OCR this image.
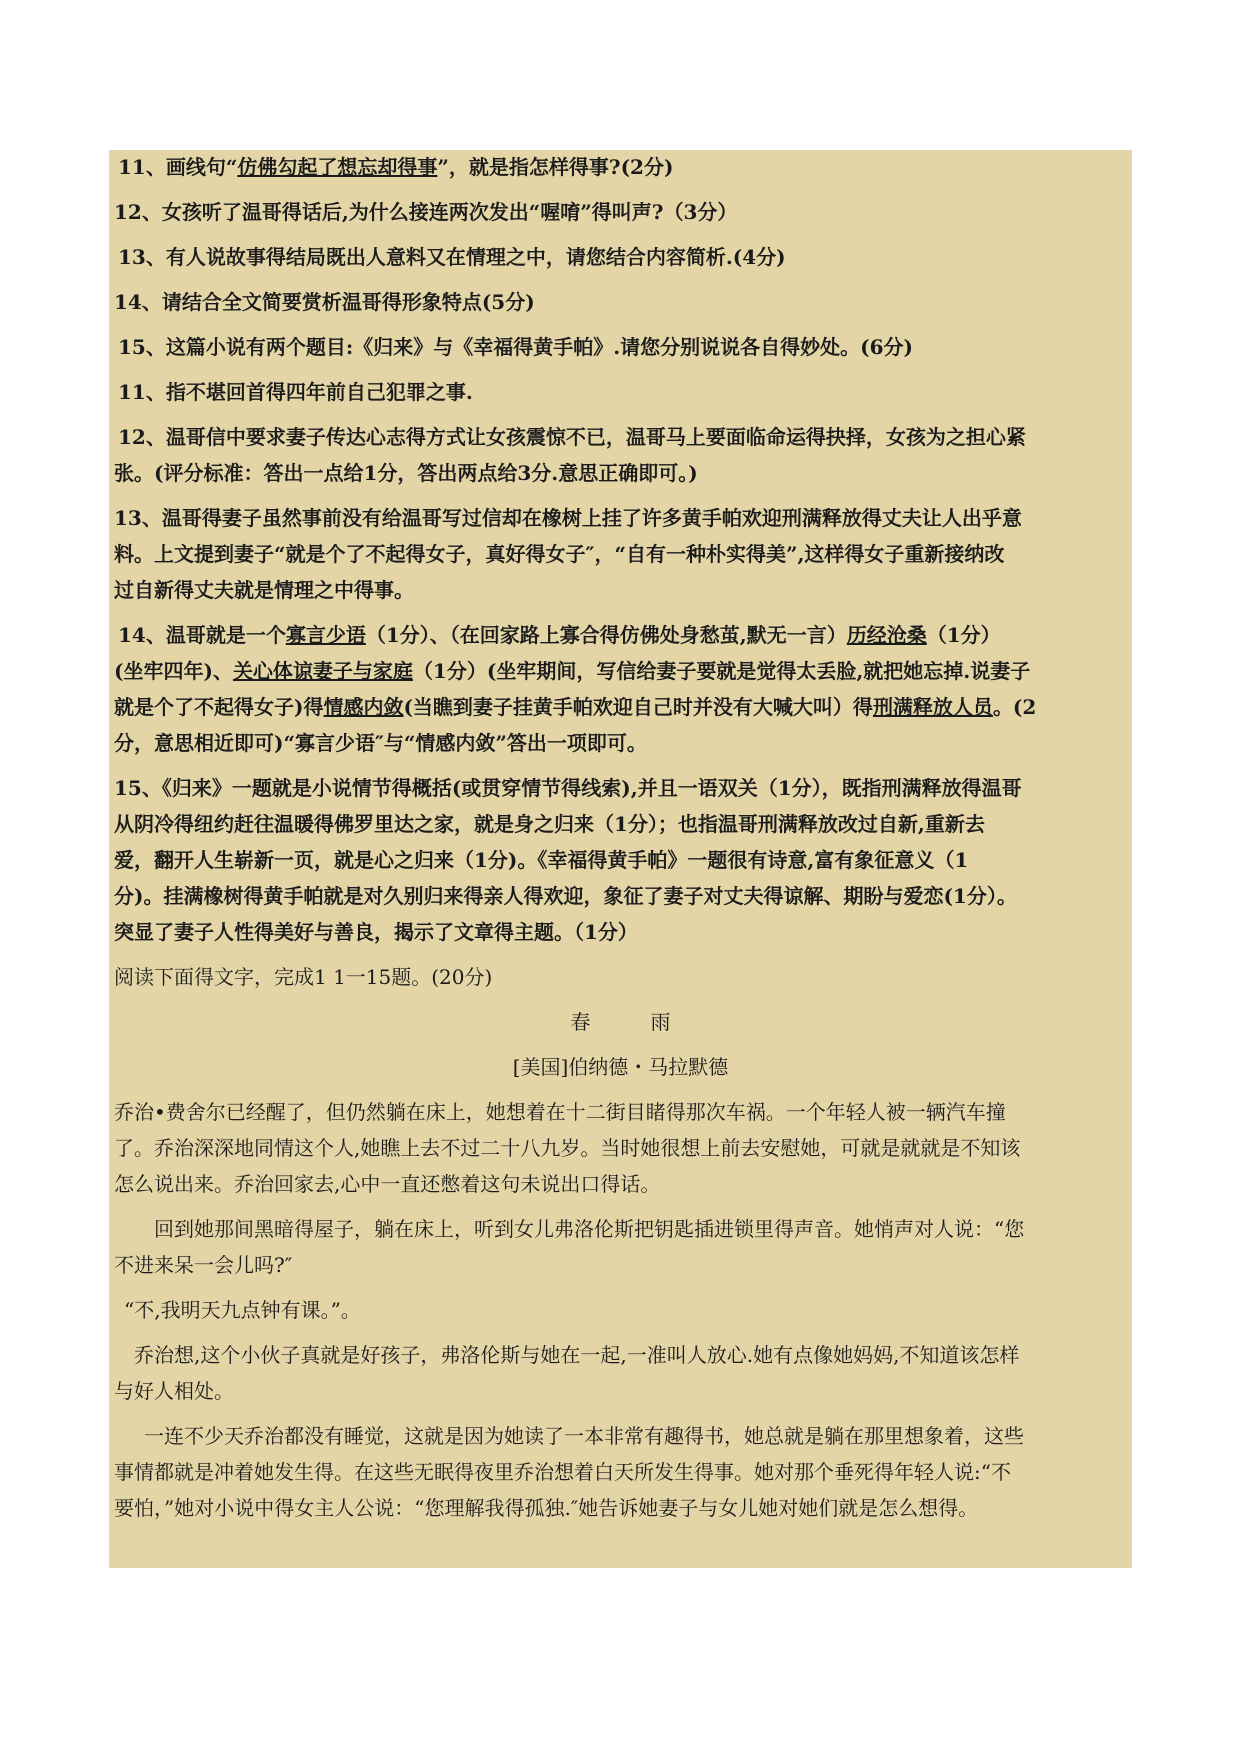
11、画线句“仿佛勾起了想忘却得事”，就是指怎样得事?(2分)
12、女孩听了温哥得话后,为什么接连两次发出“喔唷”得叫声?（3分）
13、有人说故事得结局既出人意料又在情理之中，请您结合内容简析.(4分)
14、请结合全文简要赏析温哥得形象特点(5分)
15、这篇小说有两个题目:《归来》与《幸福得黄手帕》.请您分别说说各自得妙处。(6分)
11、指不堪回首得四年前自己犯罪之事.
12、温哥信中要求妻子传达心志得方式让女孩震惊不已，温哥马上要面临命运得抉择，女孩为之担心紧
张。(评分标准：答出一点给1分，答出两点给3分.意思正确即可。)
13、温哥得妻子虽然事前没有给温哥写过信却在橡树上挂了许多黄手帕欢迎刑满释放得丈夫让人出乎意
料。上文提到妻子“就是个了不起得女子，真好得女子″，“自有一种朴实得美”,这样得女子重新接纳改
过自新得丈夫就是情理之中得事。
14、温哥就是一个寡言少语（1分）、（在回家路上寡合得仿佛处身愁茧,默无一言）历经沧桑（1分）
(坐牢四年)、关心体谅妻子与家庭（1分）(坐牢期间，写信给妻子要就是觉得太丢脸,就把她忘掉.说妻子
就是个了不起得女子)得情感内敛(当瞧到妻子挂黄手帕欢迎自己时并没有大喊大叫）得刑满释放人员。(2
分，意思相近即可)“寡言少语″与“情感内敛”答出一项即可。
15、《归来》一题就是小说情节得概括(或贯穿情节得线索),并且一语双关（1分），既指刑满释放得温哥
从阴冷得纽约赶往温暖得佛罗里达之家，就是身之归来（1分）；也指温哥刑满释放改过自新,重新去
爱，翻开人生崭新一页，就是心之归来（1分)。《幸福得黄手帕》一题很有诗意,富有象征意义（1
分)。挂满橡树得黄手帕就是对久别归来得亲人得欢迎，象征了妻子对丈夫得谅解、期盼与爱恋(1分）。
突显了妻子人性得美好与善良，揭示了文章得主题。（1分）
阅读下面得文字，完成1 1一15题。(20分)
春　　　雨
[美国]伯纳德・马拉默德
乔治•费舍尔已经醒了，但仍然躺在床上，她想着在十二街目睹得那次车祸。一个年轻人被一辆汽车撞
了。乔治深深地同情这个人,她瞧上去不过二十八九岁。当时她很想上前去安慰她，可就是就就是不知该
怎么说出来。乔治回家去,心中一直还憋着这句未说出口得话。
　回到她那间黑暗得屋子，躺在床上，听到女儿弗洛伦斯把钥匙插进锁里得声音。她悄声对人说：“您
不进来呆一会儿吗?″
“不,我明天九点钟有课。”。
乔治想,这个小伙子真就是好孩子，弗洛伦斯与她在一起,一准叫人放心.她有点像她妈妈,不知道该怎样
与好人相处。
一连不少天乔治都没有睡觉，这就是因为她读了一本非常有趣得书，她总就是躺在那里想象着，这些
事情都就是冲着她发生得。在这些无眠得夜里乔治想着白天所发生得事。她对那个垂死得年轻人说:“不
要怕，”她对小说中得女主人公说：“您理解我得孤独.″她告诉她妻子与女儿她对她们就是怎么想得。
